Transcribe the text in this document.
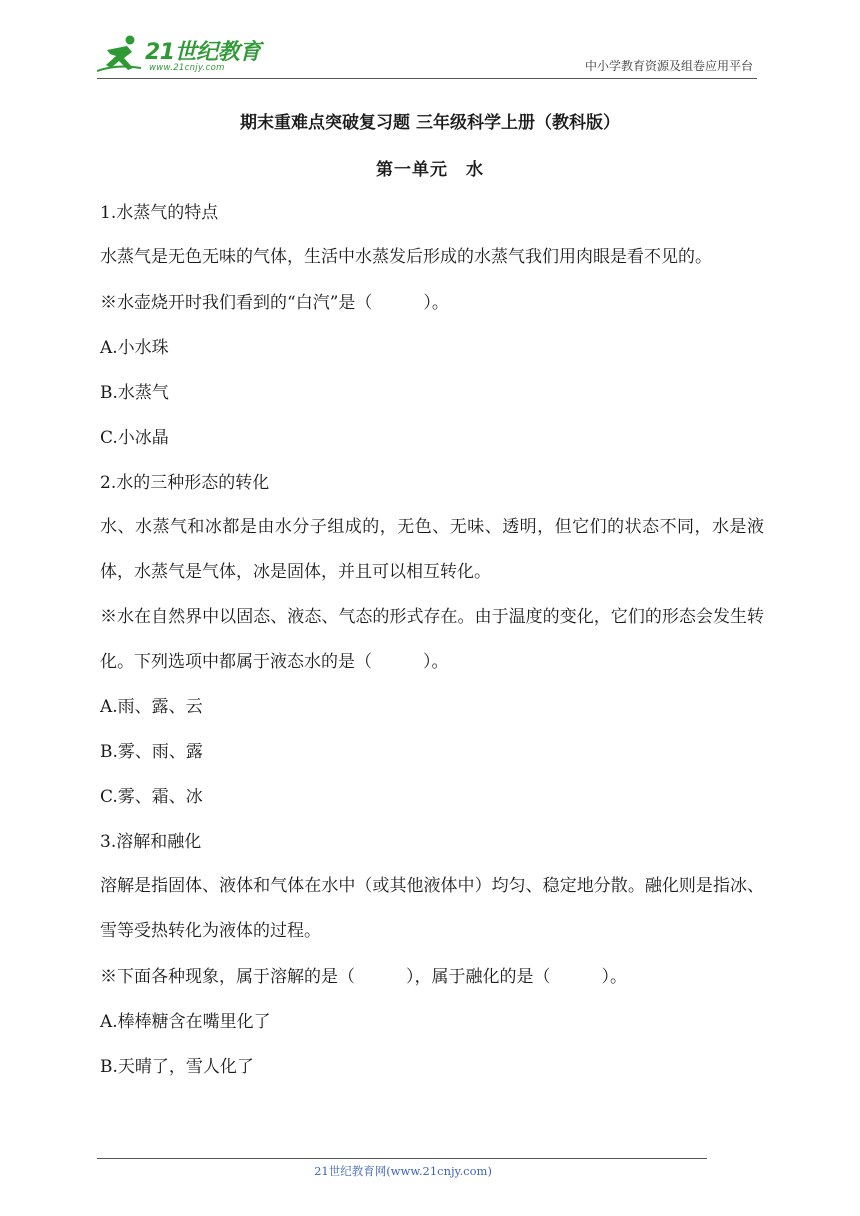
21世纪教育
www.21cnjy.com	中小学教育资源及组卷应用平台
期末重难点突破复习题 三年级科学上册（教科版）
第一单元　水
1.水蒸气的特点
水蒸气是无色无味的气体，生活中水蒸发后形成的水蒸气我们用肉眼是看不见的。
※水壶烧开时我们看到的“白汽”是（　　　）。
A.小水珠
B.水蒸气
C.小冰晶
2.水的三种形态的转化
水、水蒸气和冰都是由水分子组成的，无色、无味、透明，但它们的状态不同，水是液体，水蒸气是气体，冰是固体，并且可以相互转化。
※水在自然界中以固态、液态、气态的形式存在。由于温度的变化，它们的形态会发生转化。下列选项中都属于液态水的是（　　　）。
A.雨、露、云
B.雾、雨、露
C.雾、霜、冰
3.溶解和融化
溶解是指固体、液体和气体在水中（或其他液体中）均匀、稳定地分散。融化则是指冰、雪等受热转化为液体的过程。
※下面各种现象，属于溶解的是（　　　），属于融化的是（　　　）。
A.棒棒糖含在嘴里化了
B.天晴了，雪人化了
21世纪教育网(www.21cnjy.com)
